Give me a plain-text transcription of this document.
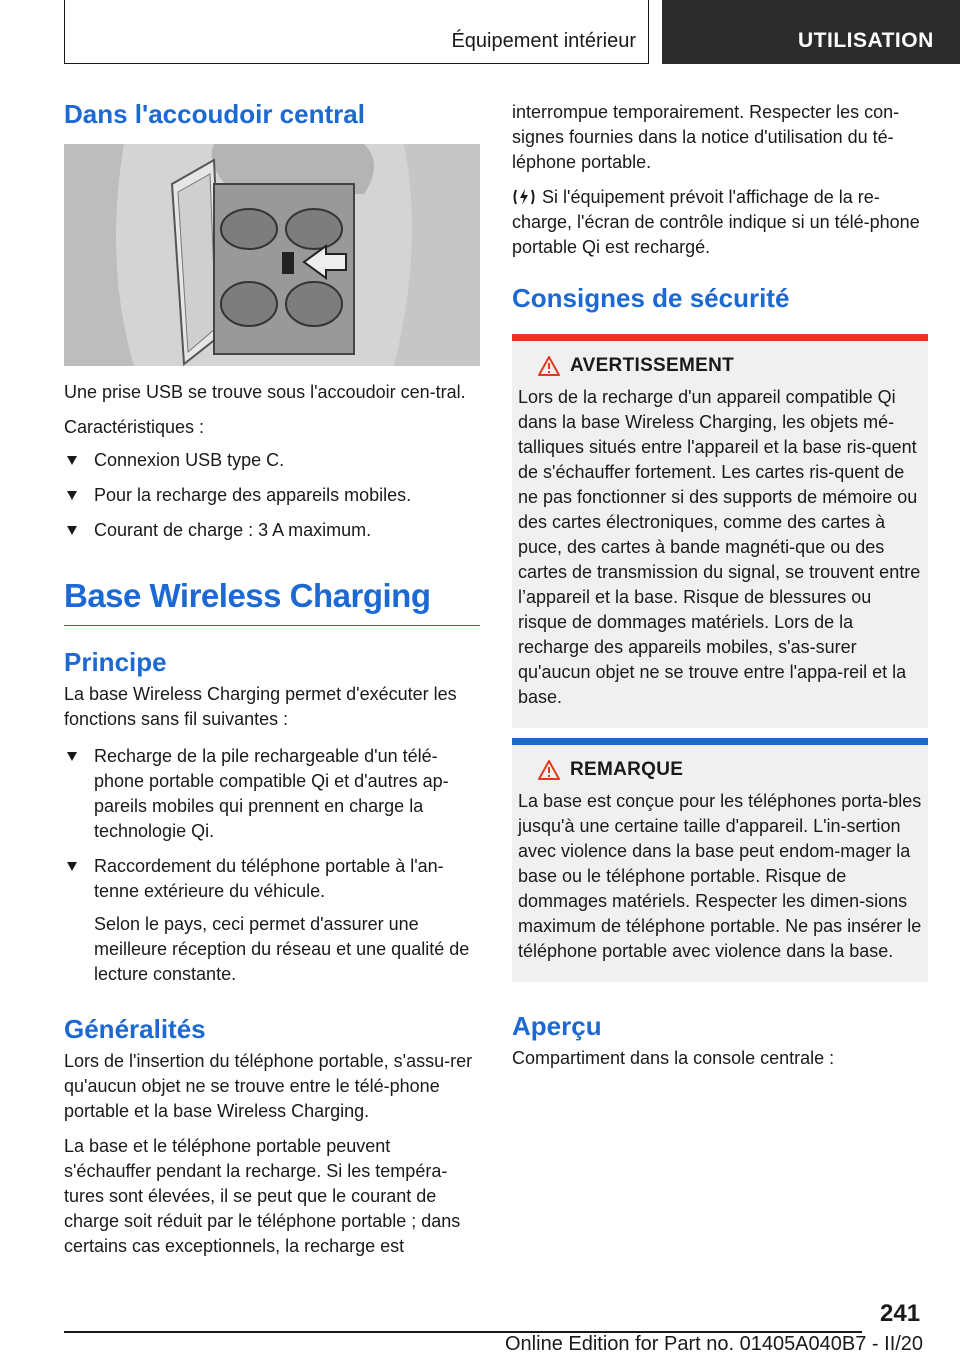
Équipement intérieur	UTILISATION
Dans l'accoudoir central

Une prise USB se trouve sous l'accoudoir cen-tral.

Caractéristiques :

Connexion USB type C.
Pour la recharge des appareils mobiles.
Courant de charge : 3 A maximum.
Base Wireless Charging
Principe

La base Wireless Charging permet d'exécuter les fonctions sans fil suivantes :

Recharge de la pile rechargeable d'un télé-phone portable compatible Qi et d'autres ap-pareils mobiles qui prennent en charge la technologie Qi.
Raccordement du téléphone portable à l'an-tenne extérieure du véhicule.
Selon le pays, ceci permet d'assurer une meilleure réception du réseau et une qualité de lecture constante.
Généralités

Lors de l'insertion du téléphone portable, s'assu-rer qu'aucun objet ne se trouve entre le télé-phone portable et la base Wireless Charging.

La base et le téléphone portable peuvent s'échauffer pendant la recharge. Si les tempéra-tures sont élevées, il se peut que le courant de charge soit réduit par le téléphone portable ; dans certains cas exceptionnels, la recharge est

interrompue temporairement. Respecter les con-signes fournies dans la notice d'utilisation du té-léphone portable.

Si l'équipement prévoit l'affichage de la re-charge, l'écran de contrôle indique si un télé-phone portable Qi est rechargé.

Consignes de sécurité
AVERTISSEMENT

Lors de la recharge d'un appareil compatible Qi dans la base Wireless Charging, les objets mé-talliques situés entre l'appareil et la base ris-quent de s'échauffer fortement. Les cartes ris-quent de ne pas fonctionner si des supports de mémoire ou des cartes électroniques, comme des cartes à puce, des cartes à bande magnéti-que ou des cartes de transmission du signal, se trouvent entre l’appareil et la base. Risque de blessures ou risque de dommages matériels. Lors de la recharge des appareils mobiles, s'as-surer qu'aucun objet ne se trouve entre l'appa-reil et la base.

REMARQUE

La base est conçue pour les téléphones porta-bles jusqu'à une certaine taille d'appareil. L'in-sertion avec violence dans la base peut endom-mager la base ou le téléphone portable. Risque de dommages matériels. Respecter les dimen-sions maximum de téléphone portable. Ne pas insérer le téléphone portable avec violence dans la base.

Aperçu

Compartiment dans la console centrale :

241
Online Edition for Part no. 01405A040B7 - II/20
